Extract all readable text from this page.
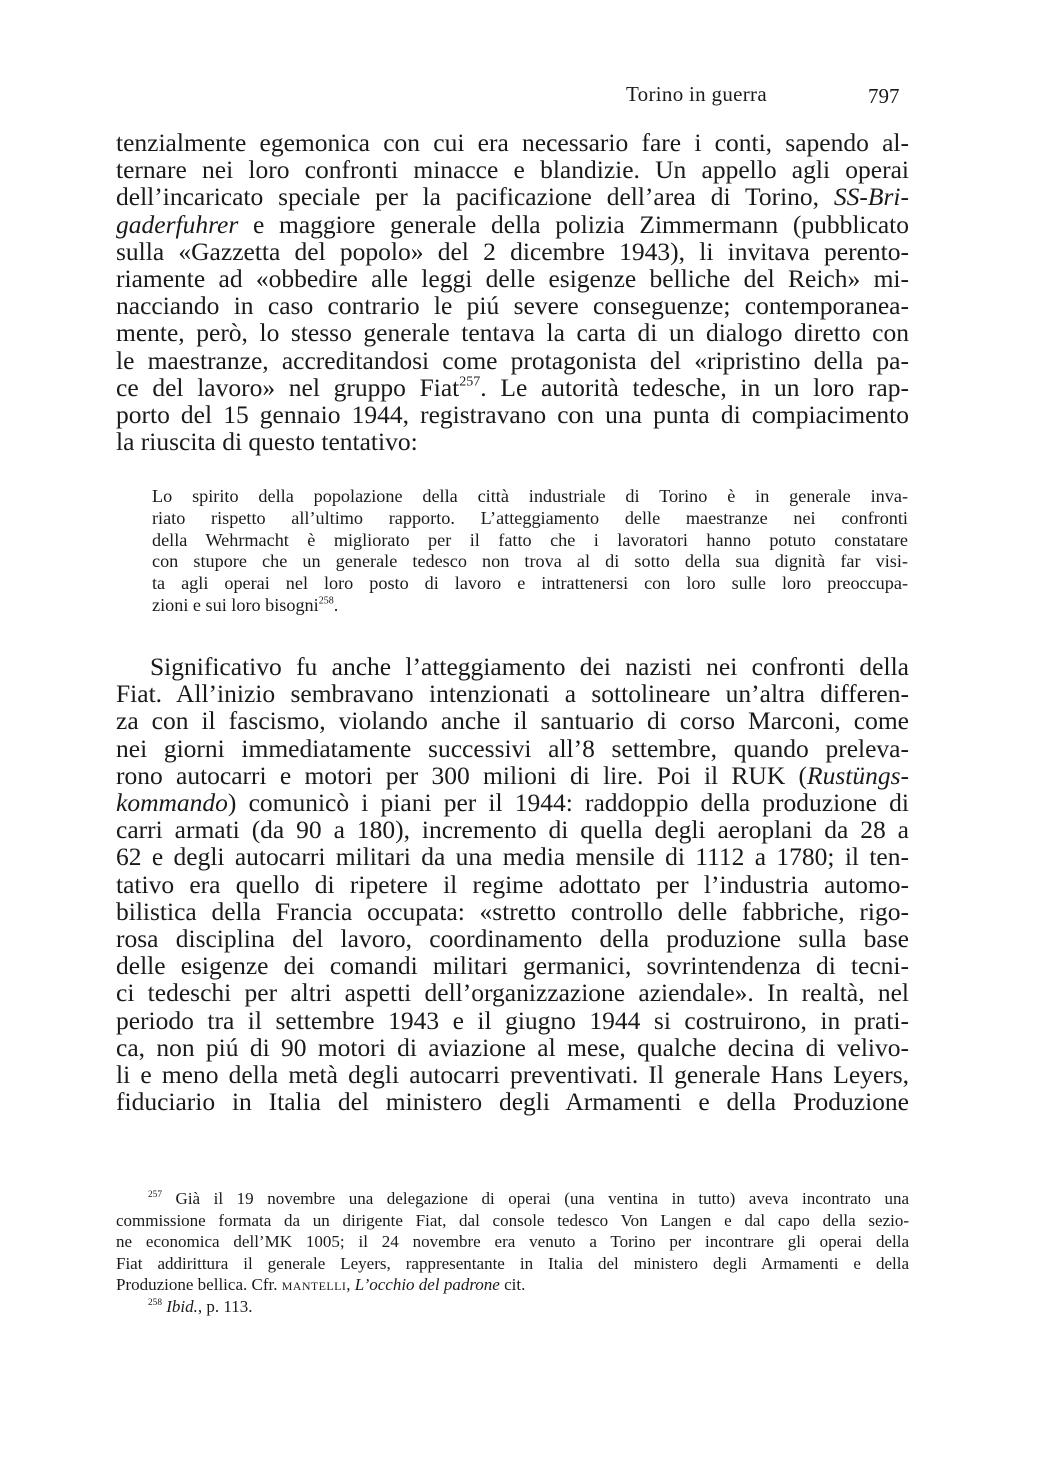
Torino in guerra	797
tenzialmente egemonica con cui era necessario fare i conti, sapendo al-
ternare nei loro confronti minacce e blandizie. Un appello agli operai
dell’incaricato speciale per la pacificazione dell’area di Torino, SS-Bri-
gaderfuhrer e maggiore generale della polizia Zimmermann (pubblicato
sulla «Gazzetta del popolo» del 2 dicembre 1943), li invitava perento-
riamente ad «obbedire alle leggi delle esigenze belliche del Reich» mi-
nacciando in caso contrario le piú severe conseguenze; contemporanea-
mente, però, lo stesso generale tentava la carta di un dialogo diretto con
le maestranze, accreditandosi come protagonista del «ripristino della pa-
ce del lavoro» nel gruppo Fiat$^{257}$. Le autorità tedesche, in un loro rap-
porto del 15 gennaio 1944, registravano con una punta di compiacimento
la riuscita di questo tentativo:
Lo spirito della popolazione della città industriale di Torino è in generale inva-
riato rispetto all’ultimo rapporto. L’atteggiamento delle maestranze nei confronti
della Wehrmacht è migliorato per il fatto che i lavoratori hanno potuto constatare
con stupore che un generale tedesco non trova al di sotto della sua dignità far visi-
ta agli operai nel loro posto di lavoro e intrattenersi con loro sulle loro preoccupa-
zioni e sui loro bisogni$^{258}$.
Significativo fu anche l’atteggiamento dei nazisti nei confronti della
Fiat. All’inizio sembravano intenzionati a sottolineare un’altra differen-
za con il fascismo, violando anche il santuario di corso Marconi, come
nei giorni immediatamente successivi all’8 settembre, quando preleva-
rono autocarri e motori per 300 milioni di lire. Poi il RUK (Rustüngs-
kommando) comunicò i piani per il 1944: raddoppio della produzione di
carri armati (da 90 a 180), incremento di quella degli aeroplani da 28 a
62 e degli autocarri militari da una media mensile di 1112 a 1780; il ten-
tativo era quello di ripetere il regime adottato per l’industria automo-
bilistica della Francia occupata: «stretto controllo delle fabbriche, rigo-
rosa disciplina del lavoro, coordinamento della produzione sulla base
delle esigenze dei comandi militari germanici, sovrintendenza di tecni-
ci tedeschi per altri aspetti dell’organizzazione aziendale». In realtà, nel
periodo tra il settembre 1943 e il giugno 1944 si costruirono, in prati-
ca, non piú di 90 motori di aviazione al mese, qualche decina di velivo-
li e meno della metà degli autocarri preventivati. Il generale Hans Leyers,
fiduciario in Italia del ministero degli Armamenti e della Produzione
$^{257}$ Già il 19 novembre una delegazione di operai (una ventina in tutto) aveva incontrato una
commissione formata da un dirigente Fiat, dal console tedesco Von Langen e dal capo della sezio-
ne economica dell’MK 1005; il 24 novembre era venuto a Torino per incontrare gli operai della
Fiat addirittura il generale Leyers, rappresentante in Italia del ministero degli Armamenti e della
Produzione bellica. Cfr. mantelli, L’occhio del padrone cit.
$^{258}$ Ibid., p. 113.
